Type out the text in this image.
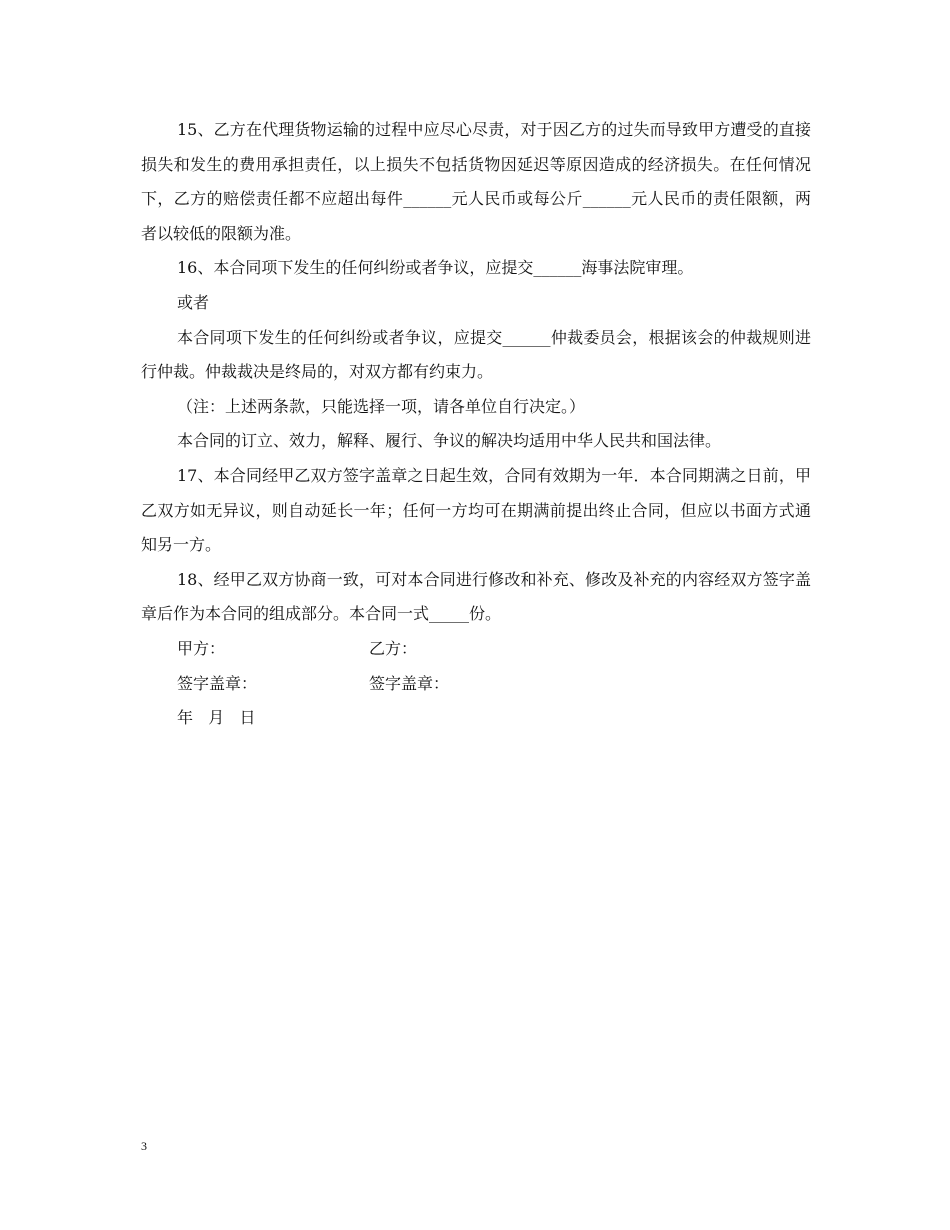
15、乙方在代理货物运输的过程中应尽心尽责，对于因乙方的过失而导致甲方遭受的直接损失和发生的费用承担责任，以上损失不包括货物因延迟等原因造成的经济损失。在任何情况下，乙方的赔偿责任都不应超出每件______元人民币或每公斤______元人民币的责任限额，两者以较低的限额为准。

16、本合同项下发生的任何纠纷或者争议，应提交______海事法院审理。

或者

本合同项下发生的任何纠纷或者争议，应提交______仲裁委员会，根据该会的仲裁规则进行仲裁。仲裁裁决是终局的，对双方都有约束力。

（注：上述两条款，只能选择一项，请各单位自行决定。）

本合同的订立、效力，解释、履行、争议的解决均适用中华人民共和国法律。

17、本合同经甲乙双方签字盖章之日起生效，合同有效期为一年．本合同期满之日前，甲乙双方如无异议，则自动延长一年；任何一方均可在期满前提出终止合同，但应以书面方式通知另一方。

18、经甲乙双方协商一致，可对本合同进行修改和补充、修改及补充的内容经双方签字盖章后作为本合同的组成部分。本合同一式_____份。

甲方：	乙方：
签字盖章：	签字盖章：
年   月   日
3
